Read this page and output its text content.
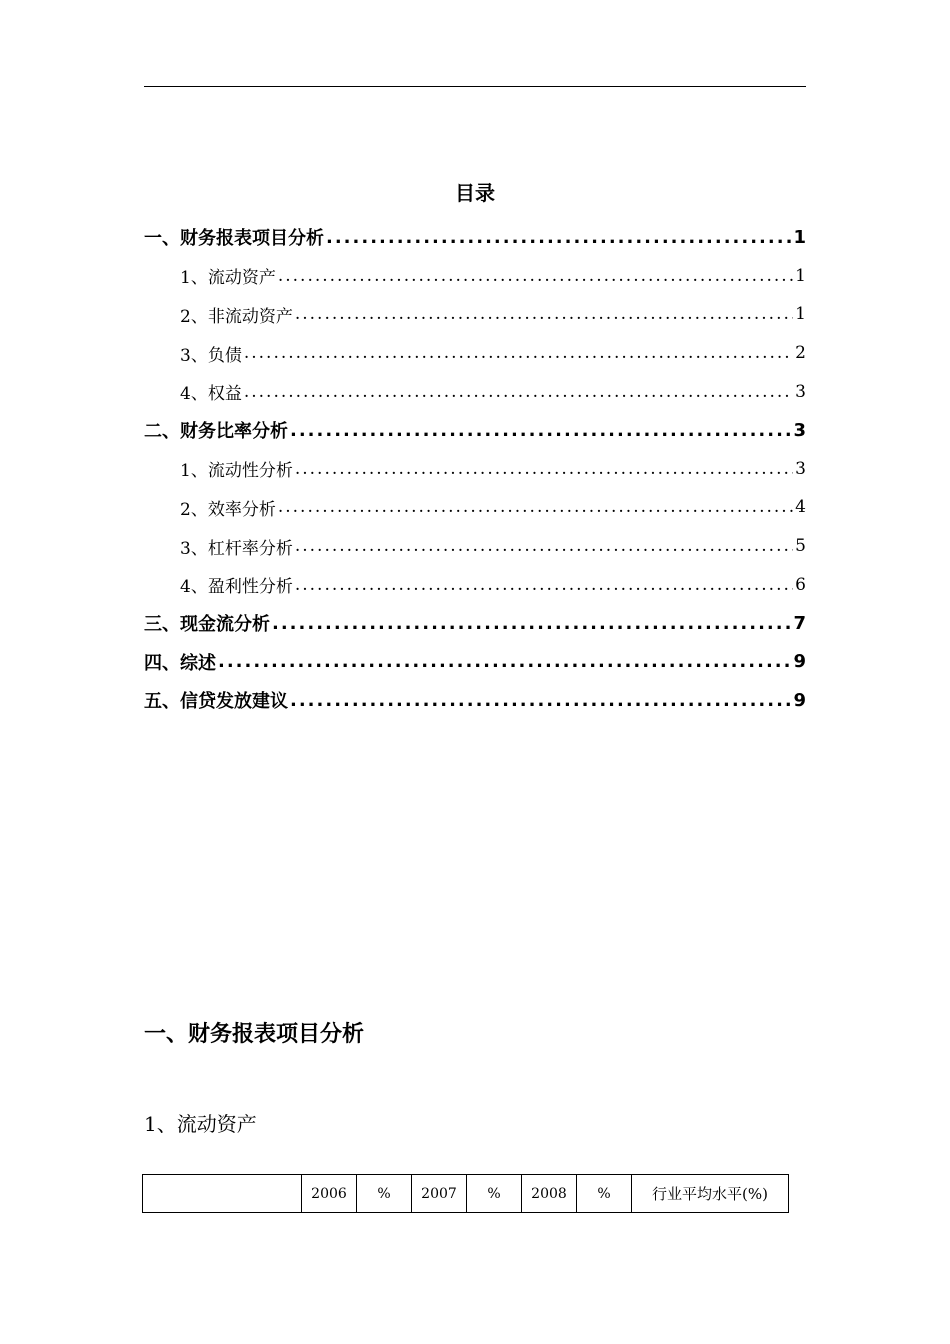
目录
一、财务报表项目分析 .....	1
1、流动资产 .....	1
2、非流动资产 .....	1
3、负债 .....	2
4、权益 .....	3
二、财务比率分析 .....	3
1、流动性分析 .....	3
2、效率分析 .....	4
3、杠杆率分析 .....	5
4、盈利性分析 .....	6
三、现金流分析 .....	7
四、综述 .....	9
五、信贷发放建议 .....	9
一、财务报表项目分析
1、流动资产
	2006	%	2007	%	2008	%	行业平均水平(%)
